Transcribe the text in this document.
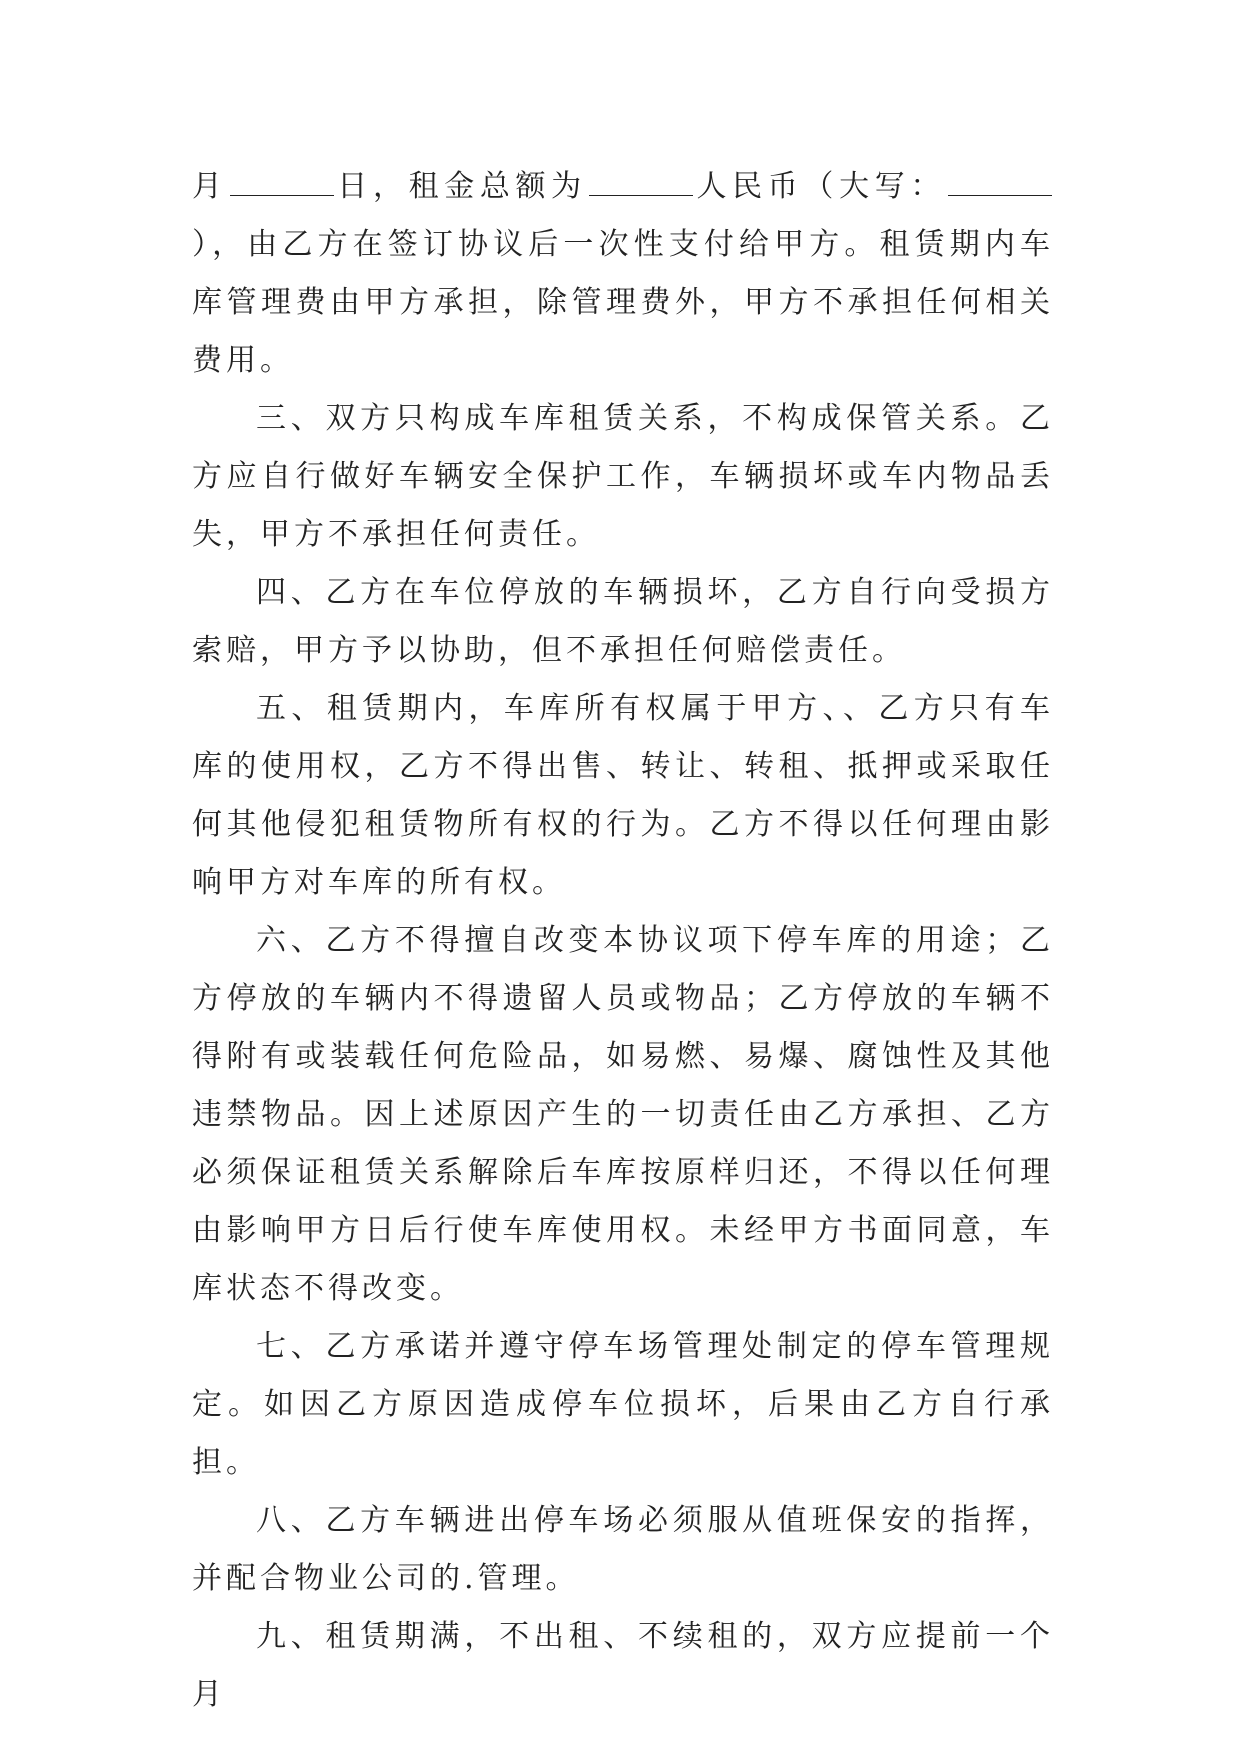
月	日，租金总额为	人民币（大写：），由乙方在签订协议后一次性支付给甲方。租赁期内车库管理费由甲方承担，除管理费外，甲方不承担任何相关费用。

三、双方只构成车库租赁关系，不构成保管关系。乙方应自行做好车辆安全保护工作，车辆损坏或车内物品丢失，甲方不承担任何责任。

四、乙方在车位停放的车辆损坏，乙方自行向受损方索赔，甲方予以协助，但不承担任何赔偿责任。

五、租赁期内，车库所有权属于甲方、、乙方只有车库的使用权，乙方不得出售、转让、转租、抵押或采取任何其他侵犯租赁物所有权的行为。乙方不得以任何理由影响甲方对车库的所有权。

六、乙方不得擅自改变本协议项下停车库的用途；乙方停放的车辆内不得遗留人员或物品；乙方停放的车辆不得附有或装载任何危险品，如易燃、易爆、腐蚀性及其他违禁物品。因上述原因产生的一切责任由乙方承担、乙方必须保证租赁关系解除后车库按原样归还，不得以任何理由影响甲方日后行使车库使用权。未经甲方书面同意，车库状态不得改变。

七、乙方承诺并遵守停车场管理处制定的停车管理规定。如因乙方原因造成停车位损坏，后果由乙方自行承担。

八、乙方车辆进出停车场必须服从值班保安的指挥，并配合物业公司的.管理。

九、租赁期满，不出租、不续租的，双方应提前一个月
